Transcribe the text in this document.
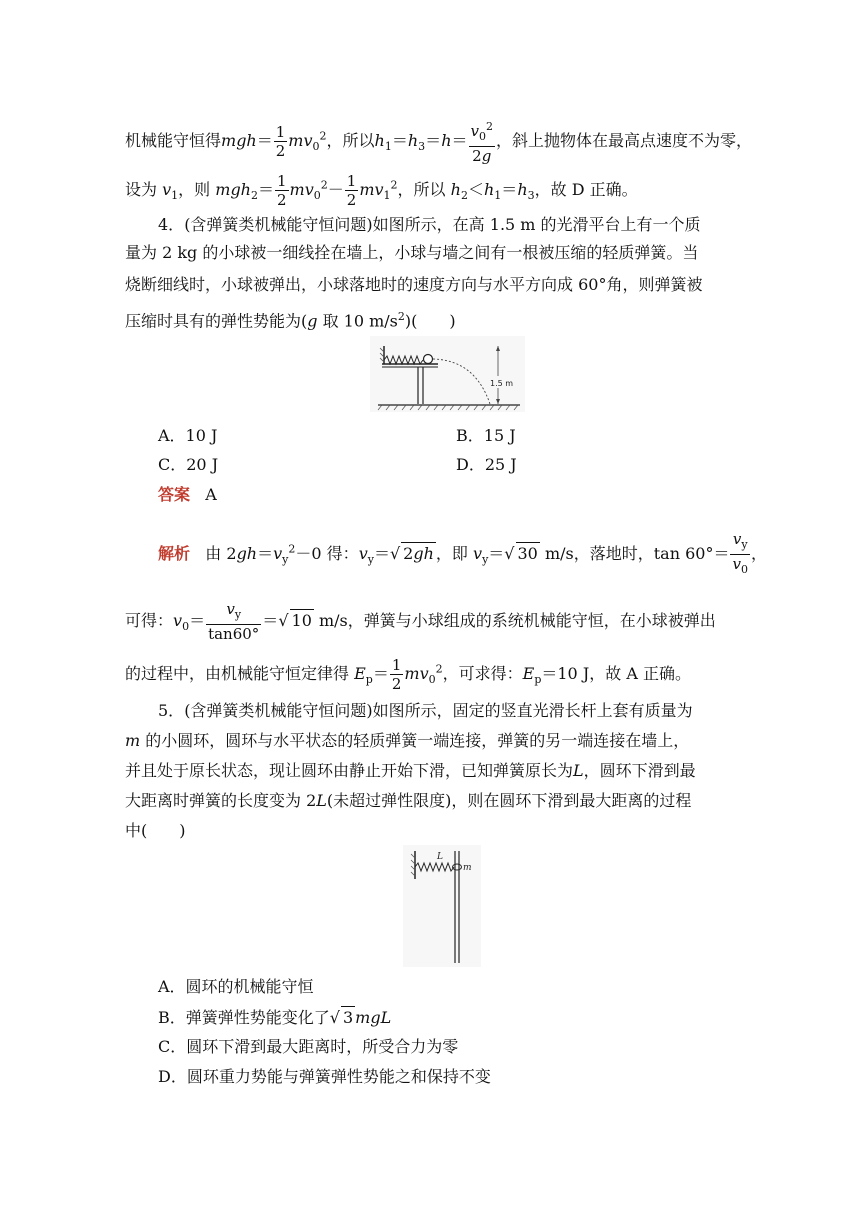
机械能守恒得$mgh= \frac{1}{2} mv_0^2$，所以$h_1=h_3=h= \frac{v_0^2}{2g}$ ，斜上抛物体在最高点速度不为零，
设为 $v_1$，则 $mgh_2= \frac{1}{2} mv_0^2- \frac{1}{2} mv_1^2$，所以 $h_2<h_1=h_3$，故 D 正确。
4．(含弹簧类机械能守恒问题)如图所示，在高 1.5 m 的光滑平台上有一个质
量为 2 kg 的小球被一细线拴在墙上，小球与墙之间有一根被压缩的轻质弹簧。当
烧断细线时，小球被弹出，小球落地时的速度方向与水平方向成 60°角，则弹簧被
压缩时具有的弹性势能为(g 取 10 $m/s^2$)(　　)
1.5 m
A．10 J	B．15 J
C．20 J	D．25 J
答案 A
解析 由 $2gh=v_y^2-0$ 得：$v_y=√$ 2gh ，即 $v_y=√$ 30 m/s，落地时，$\tan 60^\circ= \frac{v_y}{v_0}$ ，
可得：$v_0= \frac{v_y}{\tan 60^\circ}$ ＝√ 10 m/s，弹簧与小球组成的系统机械能守恒，在小球被弹出
的过程中，由机械能守恒定律得 $E_p= \frac{1}{2} mv_0^2$，可求得：$E_p=10$ J，故 A 正确。
5．(含弹簧类机械能守恒问题)如图所示，固定的竖直光滑长杆上套有质量为
m 的小圆环，圆环与水平状态的轻质弹簧一端连接，弹簧的另一端连接在墙上，
并且处于原长状态，现让圆环由静止开始下滑，已知弹簧原长为L，圆环下滑到最
大距离时弹簧的长度变为 2L(未超过弹性限度)，则在圆环下滑到最大距离的过程
中(　　)
L
m
A．圆环的机械能守恒
B．弹簧弹性势能变化了√ 3 mgL
C．圆环下滑到最大距离时，所受合力为零
D．圆环重力势能与弹簧弹性势能之和保持不变
